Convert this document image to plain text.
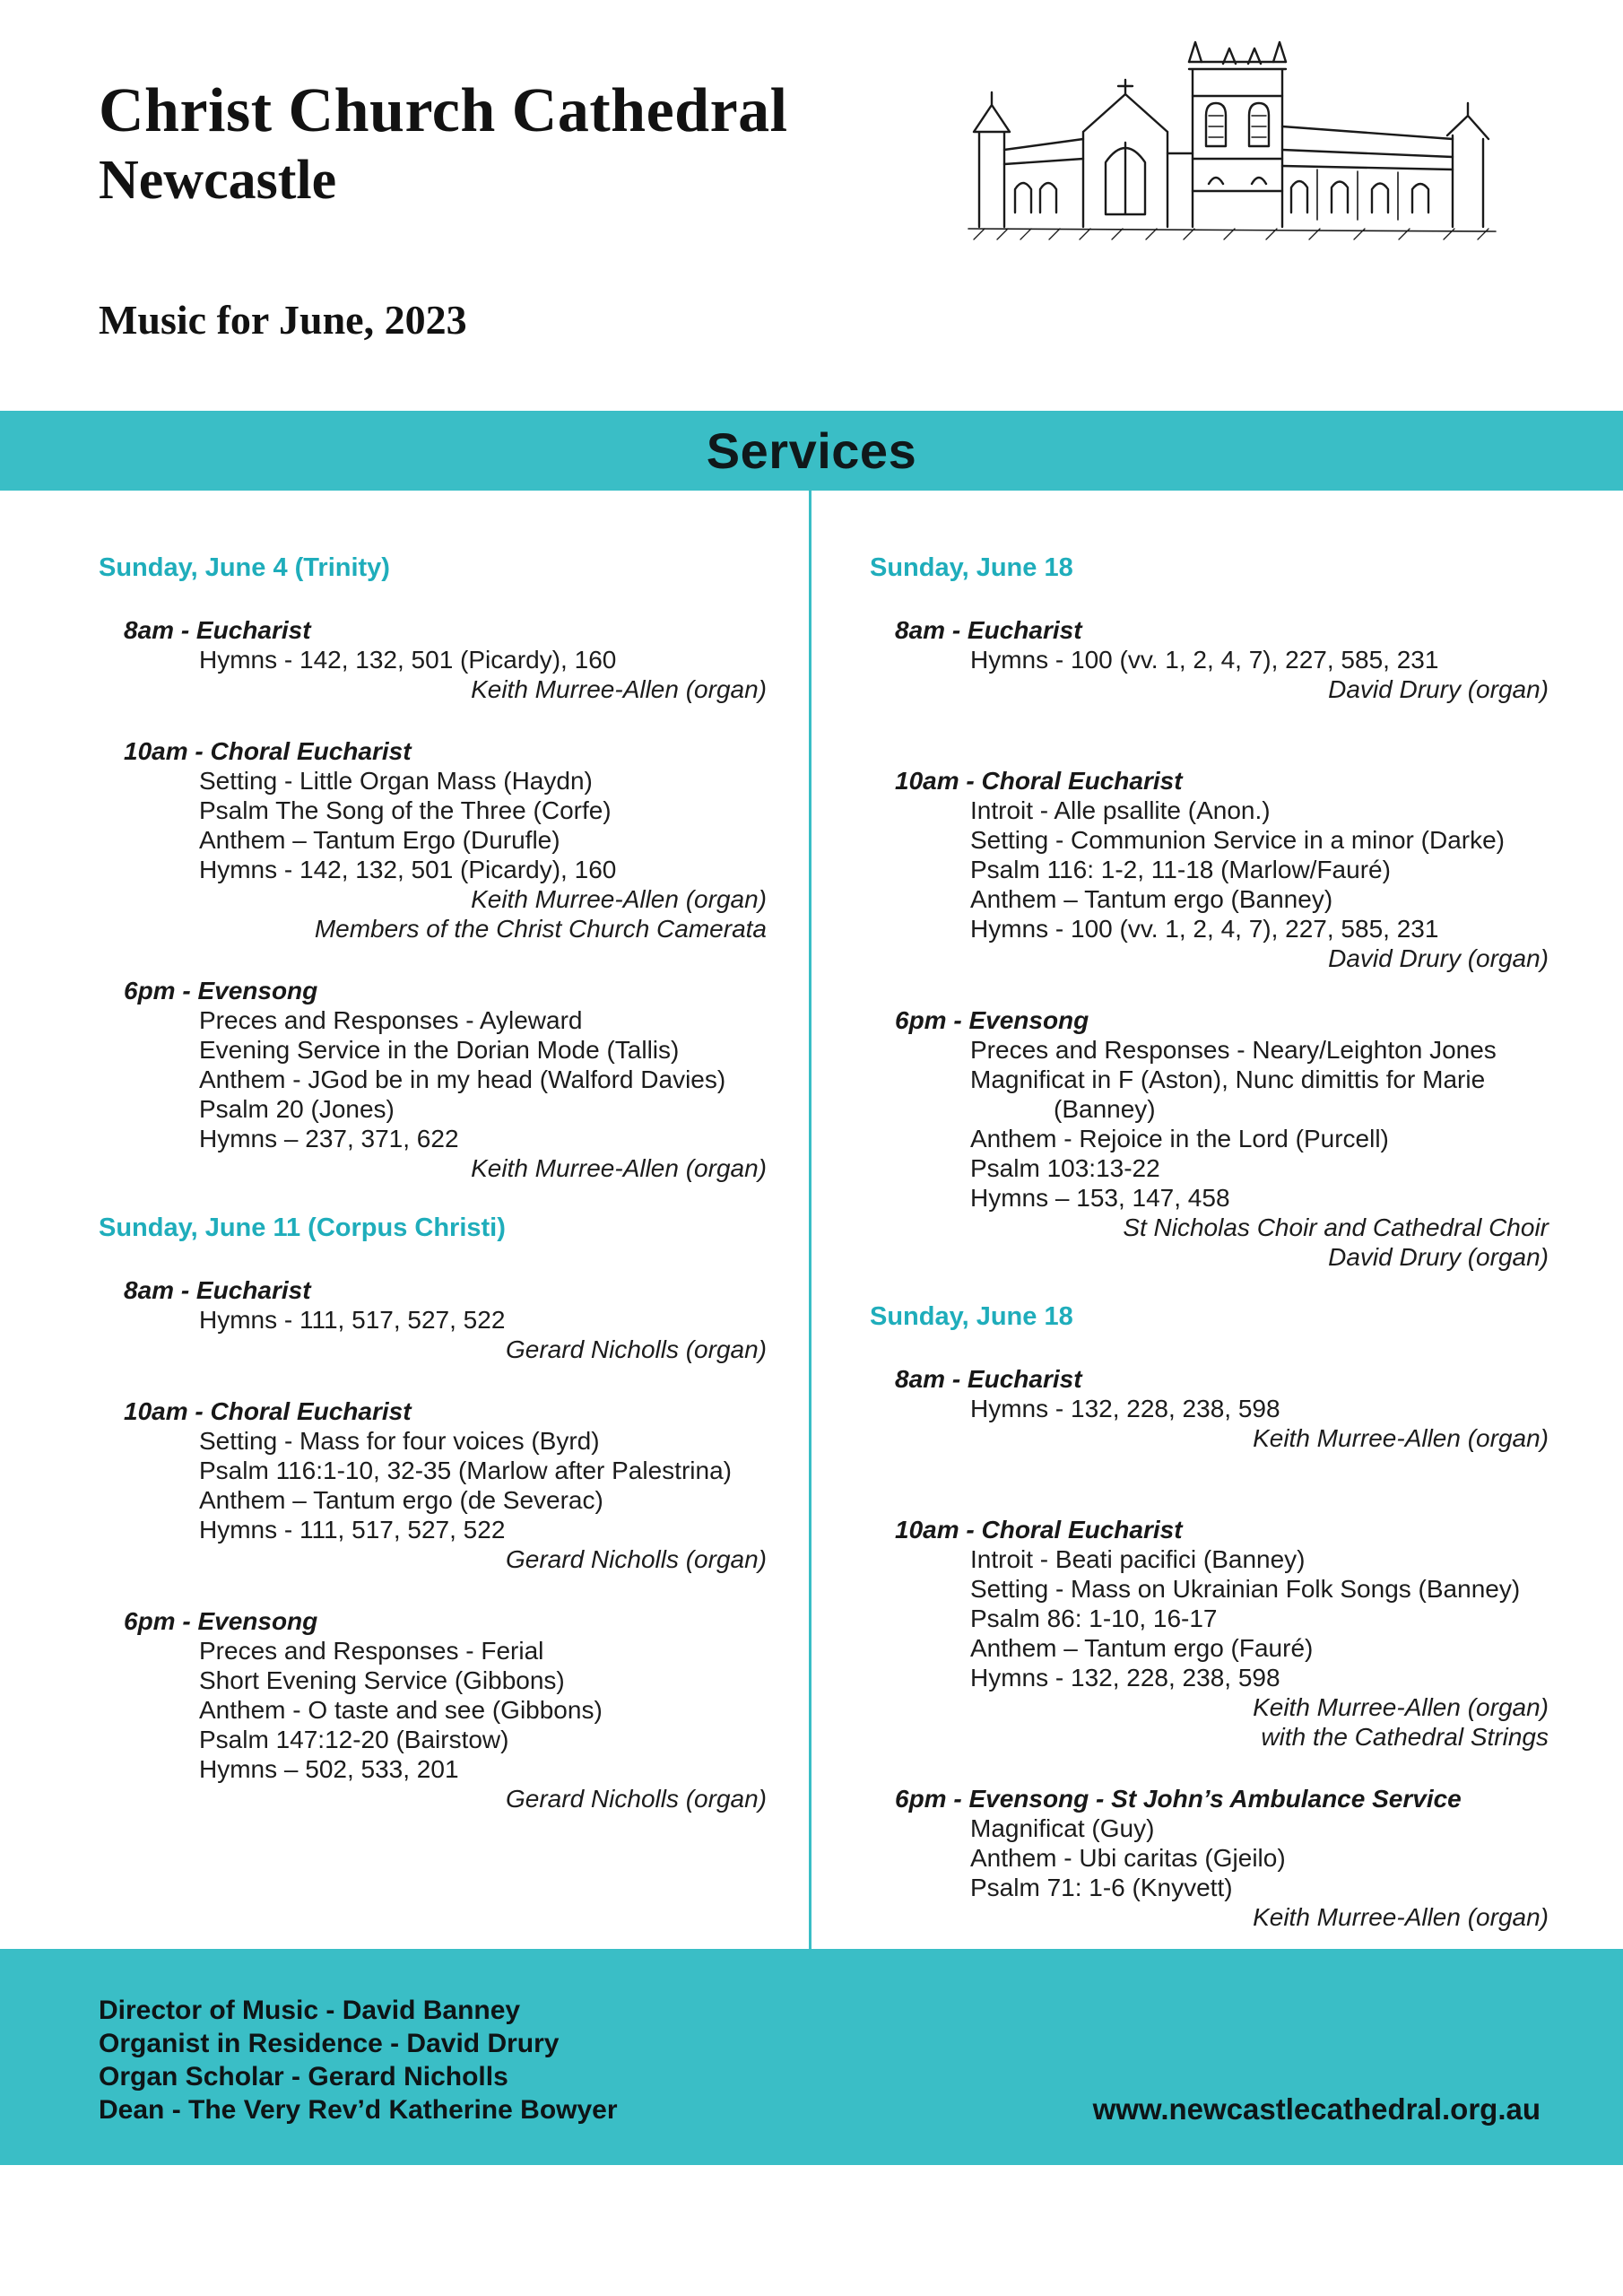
Christ Church Cathedral
Newcastle
Music for June, 2023
Services
Sunday, June 4 (Trinity)
8am - Eucharist
Hymns - 142, 132, 501 (Picardy), 160
Keith Murree-Allen (organ)
10am - Choral Eucharist
Setting - Little Organ Mass (Haydn)
Psalm The Song of the Three (Corfe)
Anthem – Tantum Ergo (Durufle)
Hymns - 142, 132, 501 (Picardy), 160
Keith Murree-Allen (organ)
Members of the Christ Church Camerata
6pm - Evensong
Preces and Responses - Ayleward
Evening Service in the Dorian Mode (Tallis)
Anthem - JGod be in my head (Walford Davies)
Psalm 20 (Jones)
Hymns – 237, 371, 622
Keith Murree-Allen (organ)
Sunday, June 11 (Corpus Christi)
8am - Eucharist
Hymns - 111, 517, 527, 522
Gerard Nicholls (organ)
10am - Choral Eucharist
Setting - Mass for four voices (Byrd)
Psalm 116:1-10, 32-35 (Marlow after Palestrina)
Anthem – Tantum ergo (de Severac)
Hymns - 111, 517, 527, 522
Gerard Nicholls (organ)
6pm - Evensong
Preces and Responses - Ferial
Short Evening Service (Gibbons)
Anthem - O taste and see (Gibbons)
Psalm 147:12-20 (Bairstow)
Hymns – 502, 533, 201
Gerard Nicholls (organ)
Sunday, June 18
8am - Eucharist
Hymns - 100 (vv. 1, 2, 4, 7), 227, 585, 231
David Drury (organ)
10am - Choral Eucharist
Introit - Alle psallite (Anon.)
Setting - Communion Service in a minor (Darke)
Psalm 116: 1-2, 11-18 (Marlow/Fauré)
Anthem – Tantum ergo (Banney)
Hymns - 100 (vv. 1, 2, 4, 7), 227, 585, 231
David Drury (organ)
6pm - Evensong
Preces and Responses - Neary/Leighton Jones
Magnificat in F (Aston), Nunc dimittis for Marie
(Banney)
Anthem - Rejoice in the Lord (Purcell)
Psalm 103:13-22
Hymns – 153, 147, 458
St Nicholas Choir and Cathedral Choir
David Drury (organ)
Sunday, June 18
8am - Eucharist
Hymns - 132, 228, 238, 598
Keith Murree-Allen (organ)
10am - Choral Eucharist
Introit - Beati pacifici (Banney)
Setting - Mass on Ukrainian Folk Songs (Banney)
Psalm 86: 1-10, 16-17
Anthem – Tantum ergo (Fauré)
Hymns - 132, 228, 238, 598
Keith Murree-Allen (organ)
with the Cathedral Strings
6pm - Evensong - St John’s Ambulance Service
Magnificat (Guy)
Anthem - Ubi caritas (Gjeilo)
Psalm 71: 1-6 (Knyvett)
Keith Murree-Allen (organ)
Director of Music - David Banney
Organist in Residence - David Drury
Organ Scholar - Gerard Nicholls
Dean - The Very Rev’d Katherine Bowyer	www.newcastlecathedral.org.au
